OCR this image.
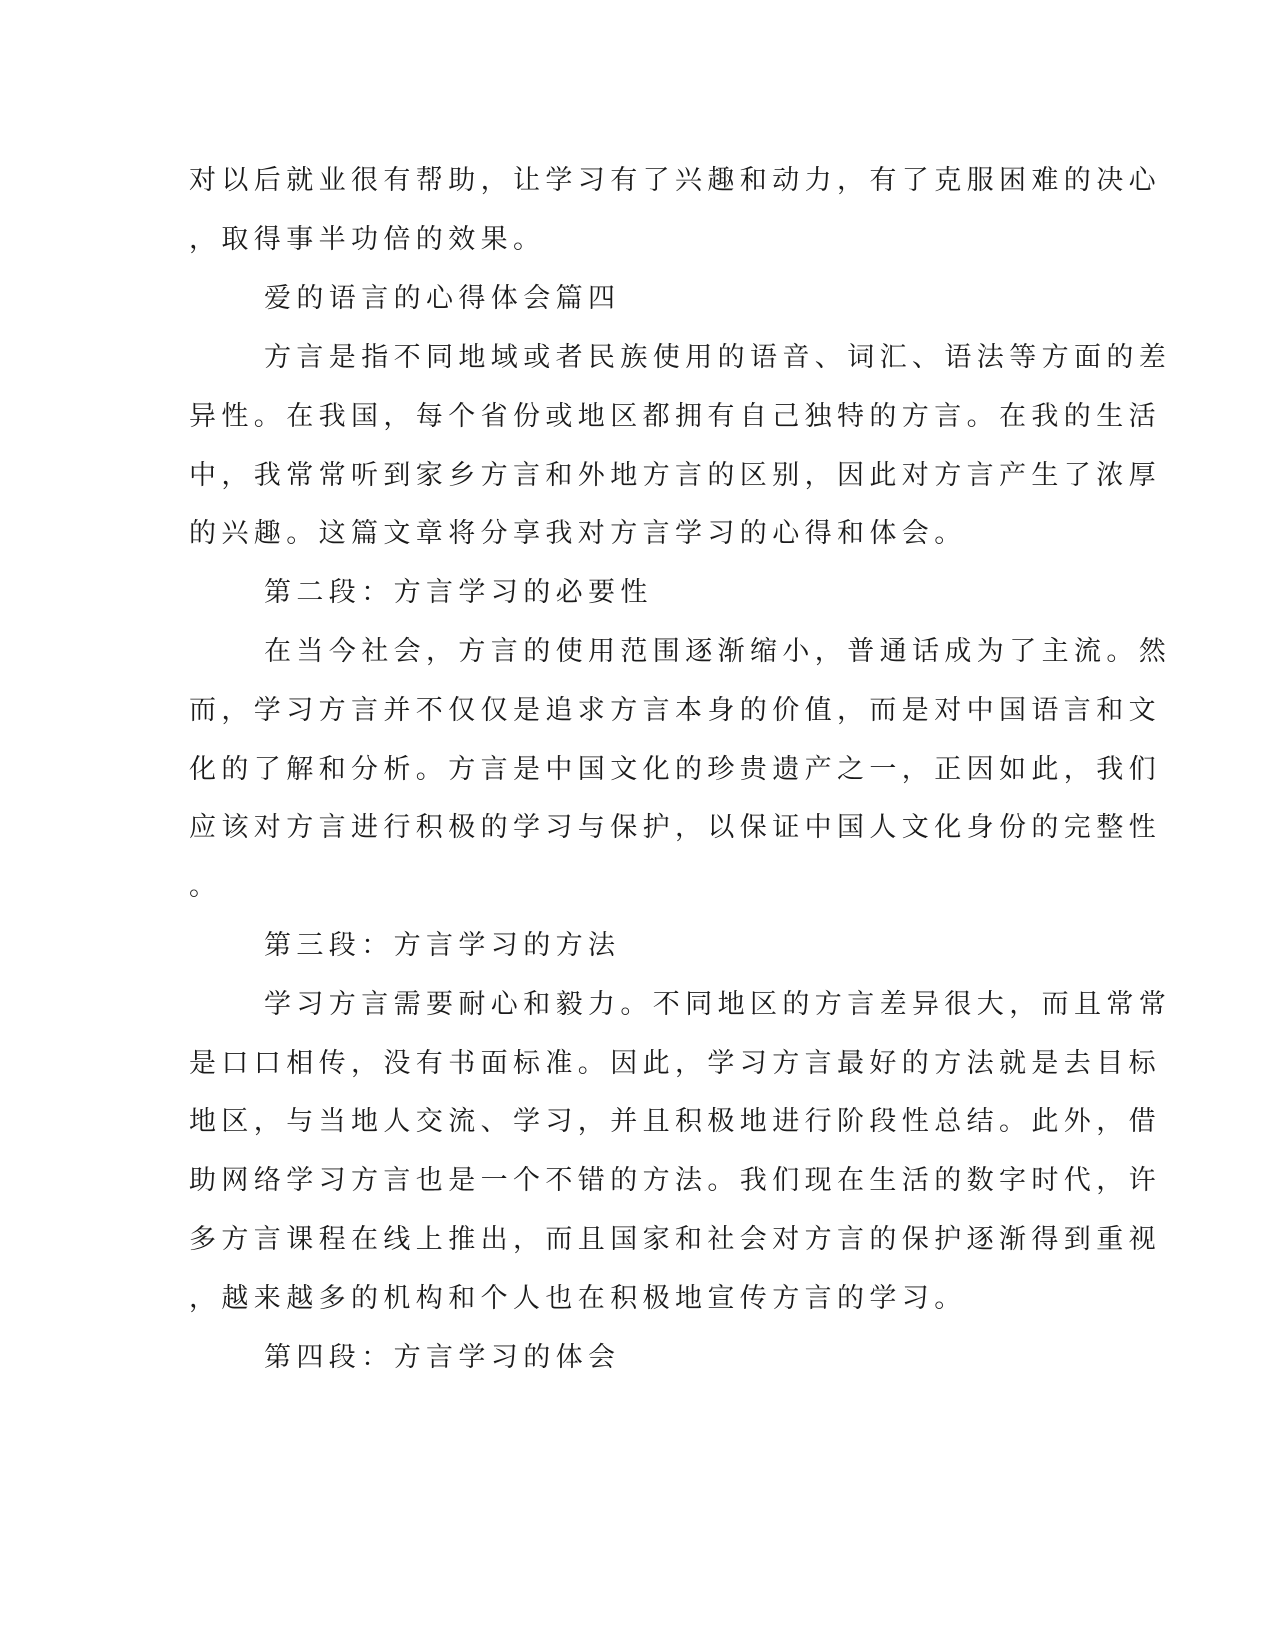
对以后就业很有帮助，让学习有了兴趣和动力，有了克服困难的决心
，取得事半功倍的效果。
爱的语言的心得体会篇四
方言是指不同地域或者民族使用的语音、词汇、语法等方面的差
异性。在我国，每个省份或地区都拥有自己独特的方言。在我的生活
中，我常常听到家乡方言和外地方言的区别，因此对方言产生了浓厚
的兴趣。这篇文章将分享我对方言学习的心得和体会。
第二段：方言学习的必要性
在当今社会，方言的使用范围逐渐缩小，普通话成为了主流。然
而，学习方言并不仅仅是追求方言本身的价值，而是对中国语言和文
化的了解和分析。方言是中国文化的珍贵遗产之一，正因如此，我们
应该对方言进行积极的学习与保护，以保证中国人文化身份的完整性
。
第三段：方言学习的方法
学习方言需要耐心和毅力。不同地区的方言差异很大，而且常常
是口口相传，没有书面标准。因此，学习方言最好的方法就是去目标
地区，与当地人交流、学习，并且积极地进行阶段性总结。此外，借
助网络学习方言也是一个不错的方法。我们现在生活的数字时代，许
多方言课程在线上推出，而且国家和社会对方言的保护逐渐得到重视
，越来越多的机构和个人也在积极地宣传方言的学习。
第四段：方言学习的体会
